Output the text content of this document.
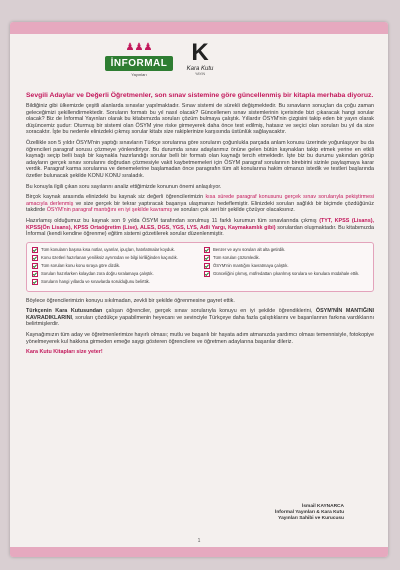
♟♟♟
İNFORMAL
Yayınları
K
Kara Kutu
YAYIN
Sevgili Adaylar ve Değerli Öğretmenler, son sınav sistemine göre güncellenmiş bir kitapla merhaba diyoruz.

Bildiğiniz gibi ülkemizde çeşitli alanlarda sınavlar yapılmaktadır. Sınav sistemi de sürekli değişmektedir. Bu sınavların sonuçları da çoğu zaman geleceğimizi şekillendirmektedir. Soruların formatı bu yıl nasıl olacak? Güncellenen sınav sistemlerinin içerisinde bizi çıkaracak hangi sorular olacak? Biz de İnformal Yayınları olarak bu kitabımızda soruları çözüm bulmaya çalıştık. Yıllardır ÖSYM'nin çizgisini takip eden bir yayın olarak düşüncemiz şudur: Oturmuş bir sistemi olan ÖSYM yine riske girmeyerek daha önce test edilmiş, hatasız ve seçici olan soruları bu yıl da size soracaktır. İşte bu nedenle elinizdeki çıkmış sorular kitabı size rakiplerinize karşısında üstünlük sağlayacaktır.

Özellikle son 5 yıldır ÖSYM'nin yaptığı sınavların Türkçe sorularına göre soruların çoğunlukla parçada anlam konusu üzerinde yoğunlaşıyor bu da öğrencileri paragraf sorusu çözmeye yönlendiriyor. Bu durumda sınav adaylarımız önüne gelen bütün kaynakları takip etmek yerine en etkili kaynağı seçip belli başlı bir kaynakla hazırlandığı sorular belli bir formatı olan kaynağı tercih etmektedir. İşte biz bu durumu yakından görüp adayların gerçek sınav sorularını doğrudan çözmesiyle vakit kaybetmemeleri için ÖSYM paragraf sorularının birebirini sizinle paylaşmaya karar verdik. Paragraf karma sorularına ve denemelerine başlamadan önce paragrafın tüm alt konularına hakim olmanızı istedik ve testleri başlarında özetler bulunacak şekilde KONU KONU sıraladık.

Bu konuyla ilgili çıkan soru sayılarını analiz ettiğimizde konunun önemi anlaşılıyor.

Birçok kaynak arasında elinizdeki bu kaynak siz değerli öğrencilerimizin kısa sürede paragraf konusunu gerçek sınav sorularıyla pekiştirmesi amacıyla derlenmiş ve size gerçek bir tekrar yaptıracak başarıya ulaşmanızı hedeflemiştir. Elinizdeki soruları sağlıklı bir biçimde çözdüğünüz takdirde ÖSYM'nin paragraf mantığını en iyi şekilde kavramış ve soruları çok seri bir şekilde çözüyor olacaksınız.

Hazırlamış olduğumuz bu kaynak son 9 yılda ÖSYM tarafından sorulmuş 11 farklı kurumun tüm sınavlarında çıkmış (TYT, KPSS (Lisans), KPSS(Ön Lisans), KPSS Ortaöğretim (Lise), ALES, DGS, YGS, LYS, Adli Yargı, Kaymakamlık gibi) sorulardan oluşmaktadır. Bu kitabımızda İnformal (kendi kendine öğrenme) eğitim sistemi gözetilerek sorular düzenlenmiştir.

Tüm konuların başına kısa notlar, uyarılar, ipuçları, hatırlatmalar koyduk.
Konu özetleri hazırlanan yeniliksiz ayrıntıdan ve bilgi kirliliğinden kaçındık.
Tüm soruları konu konu sıraya göre dizdik.
Soruları hazırlarken kolaydan zora doğru sıralamaya çalıştık.
Soruların hangi yıllarda ve sınavlarda sorulduğunu belirttik.
Benzer ve aynı soruları alt alta getirdik.
Tüm soruları çözümledik.
ÖSYM'nin mantığını kavratmaya çalıştık.
Günceliğini çıkmış, müfredattan çıkarılmış sorulara ve konulara müdahale ettik.

Böylece öğrencilerimizin konuyu sıkılmadan, zevkli bir şekilde öğrenmesine gayret ettik.

Türkçenin Kara Kutusundan çalışan öğrenciler, gerçek sınav sorularıyla konuyu en iyi şekilde öğrendiklerini, ÖSYM'NİN MANTIĞINI KAVRADIKLARINI, soruları çözdükçe yapabilmenin heyecanı ve sevinciyle Türkçeye daha fazla çalıştıklarını ve başarılarının farkına vardıklarını belirtmişlerdir.

Kaynağımızın tüm aday ve öğretmenlerimize hayırlı olması; mutlu ve başarılı bir hayata adım atmanızda yardımcı olması temennisiyle, fotokopiye yönelmeyerek kul hakkına girmeden emeğe saygı gösteren öğrencilere ve öğretmen adaylarına başarılar dileriz.

Kara Kutu Kitapları size yeter!
İsmail KAYNARCA
İnformal Yayınları & Kara Kutu
Yayınları Sahibi ve Kurucusu
1
